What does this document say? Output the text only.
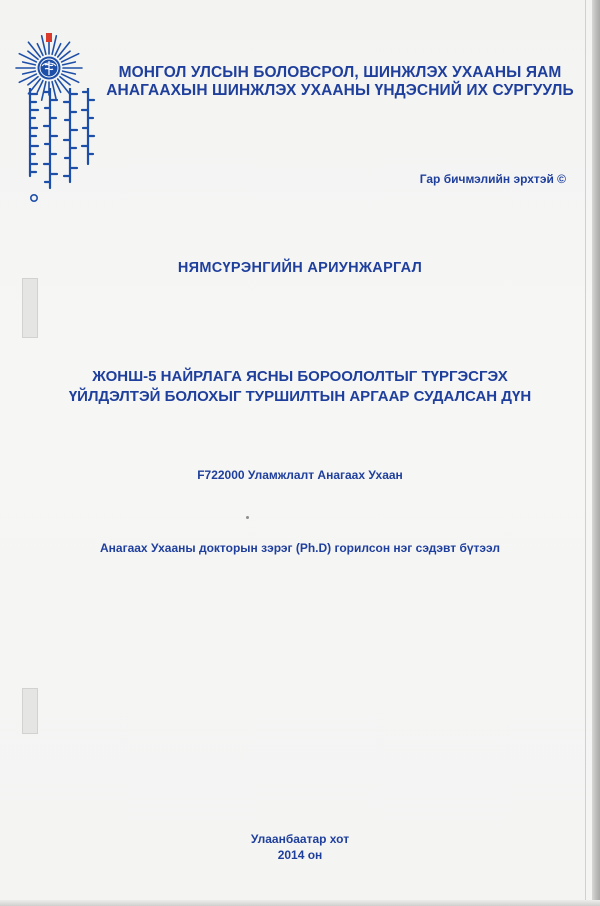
МОНГОЛ УЛСЫН БОЛОВСРОЛ, ШИНЖЛЭХ УХААНЫ ЯАМ
АНАГААХЫН ШИНЖЛЭХ УХААНЫ ҮНДЭСНИЙ ИХ СУРГУУЛЬ
Гар бичмэлийн эрхтэй ©
НЯМСҮРЭНГИЙН АРИУНЖАРГАЛ
ЖОНШ-5 НАЙРЛАГА ЯСНЫ БОРООЛОЛТЫГ ТҮРГЭСГЭХ
ҮЙЛДЭЛТЭЙ БОЛОХЫГ ТУРШИЛТЫН АРГААР СУДАЛСАН ДҮН
F722000 Уламжлалт Анагаах Ухаан
Анагаах Ухааны докторын зэрэг (Ph.D) горилсон нэг сэдэвт бүтээл
Улаанбаатар хот
2014 он
